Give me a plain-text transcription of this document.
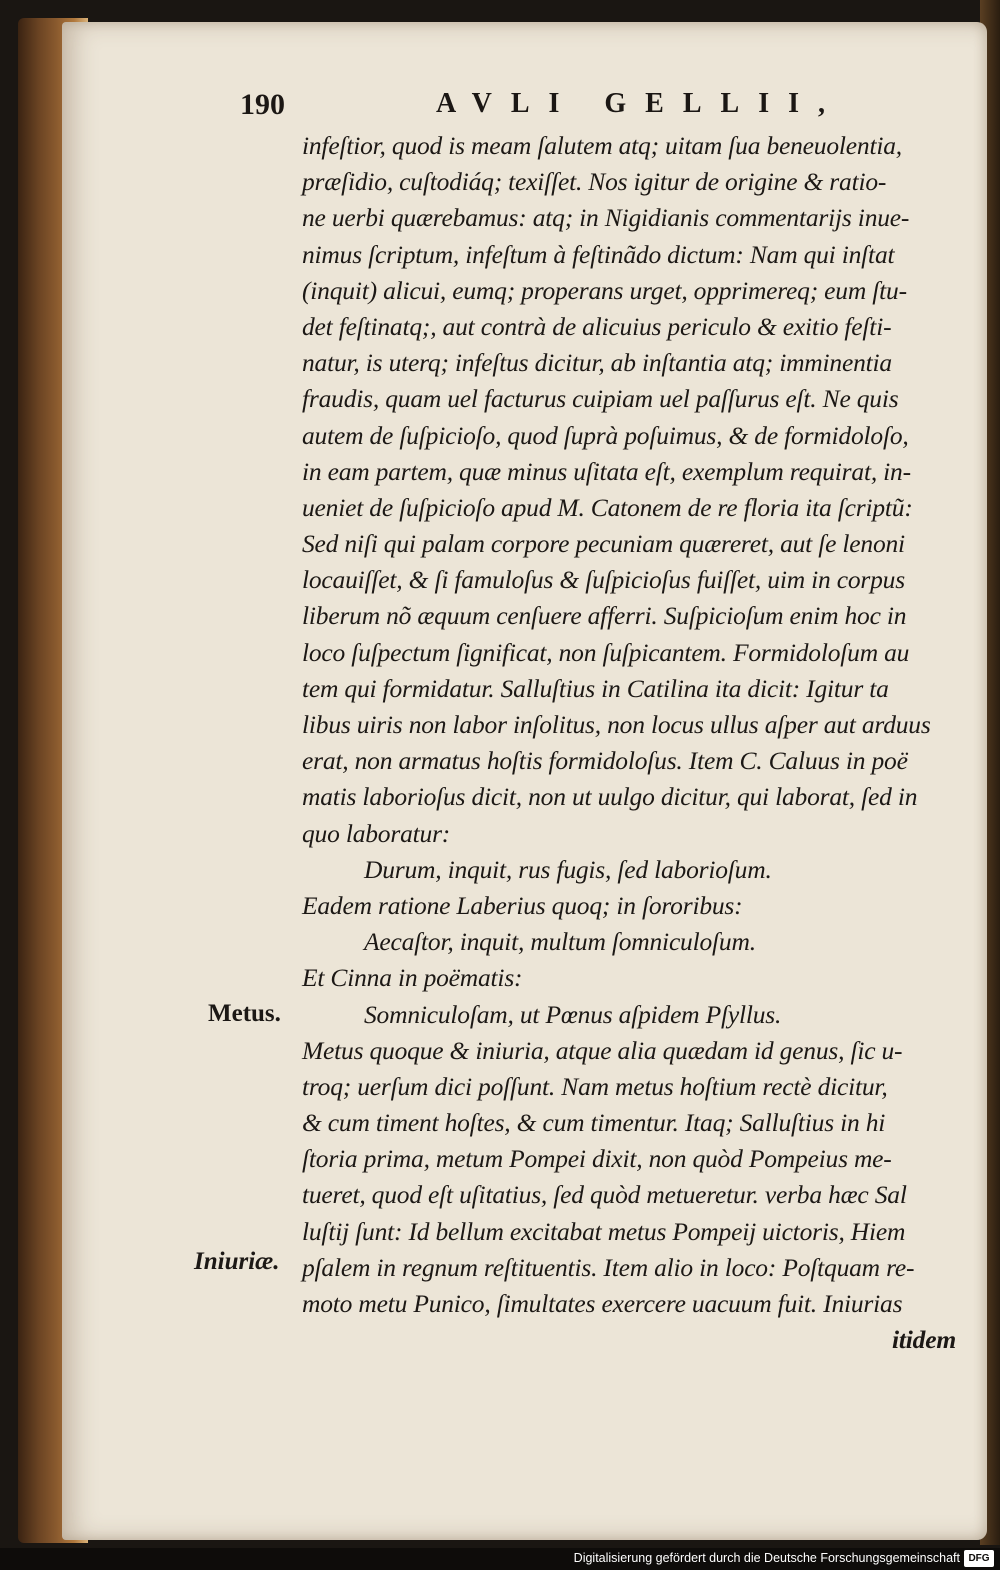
190	AVLI GELLII,
Metus.
Iniuriæ.
infeſtior, quod is meam ſalutem atq; uitam ſua beneuolentia,
præſidio, cuſtodiáq; texiſſet. Nos igitur de origine & ratio-
ne uerbi quærebamus: atq; in Nigidianis commentarijs inue-
nimus ſcriptum, infeſtum à feſtinãdo dictum: Nam qui inſtat
(inquit) alicui, eumq; properans urget, opprimereq; eum ſtu-
det feſtinatq;, aut contrà de alicuius periculo & exitio feſti-
natur, is uterq; infeſtus dicitur, ab inſtantia atq; imminentia
fraudis, quam uel facturus cuipiam uel paſſurus eſt. Ne quis
autem de ſuſpicioſo, quod ſuprà poſuimus, & de formidoloſo,
in eam partem, quæ minus uſitata eſt, exemplum requirat, in-
ueniet de ſuſpicioſo apud M. Catonem de re floria ita ſcriptũ:
Sed niſi qui palam corpore pecuniam quæreret, aut ſe lenoni
locauiſſet, & ſi famuloſus & ſuſpicioſus fuiſſet, uim in corpus
liberum nõ æquum cenſuere afferri. Suſpicioſum enim hoc in
loco ſuſpectum ſignificat, non ſuſpicantem. Formidoloſum au
tem qui formidatur. Salluſtius in Catilina ita dicit: Igitur ta
libus uiris non labor inſolitus, non locus ullus aſper aut arduus
erat, non armatus hoſtis formidoloſus. Item C. Caluus in poë
matis laborioſus dicit, non ut uulgo dicitur, qui laborat, ſed in
quo laboratur:
Durum, inquit, rus fugis, ſed laborioſum.
Eadem ratione Laberius quoq; in ſororibus:
Aecaſtor, inquit, multum ſomniculoſum.
Et Cinna in poëmatis:
Somniculoſam, ut Pœnus aſpidem Pſyllus.
Metus quoque & iniuria, atque alia quædam id genus, ſic u-
troq; uerſum dici poſſunt. Nam metus hoſtium rectè dicitur,
& cum timent hoſtes, & cum timentur. Itaq; Salluſtius in hi
ſtoria prima, metum Pompei dixit, non quòd Pompeius me-
tueret, quod eſt uſitatius, ſed quòd metueretur. verba hæc Sal
luſtij ſunt: Id bellum excitabat metus Pompeij uictoris, Hiem
pſalem in regnum reſtituentis. Item alio in loco: Poſtquam re-
moto metu Punico, ſimultates exercere uacuum fuit. Iniurias
itidem
Digitalisierung gefördert durch die Deutsche Forschungsgemeinschaft DFG
